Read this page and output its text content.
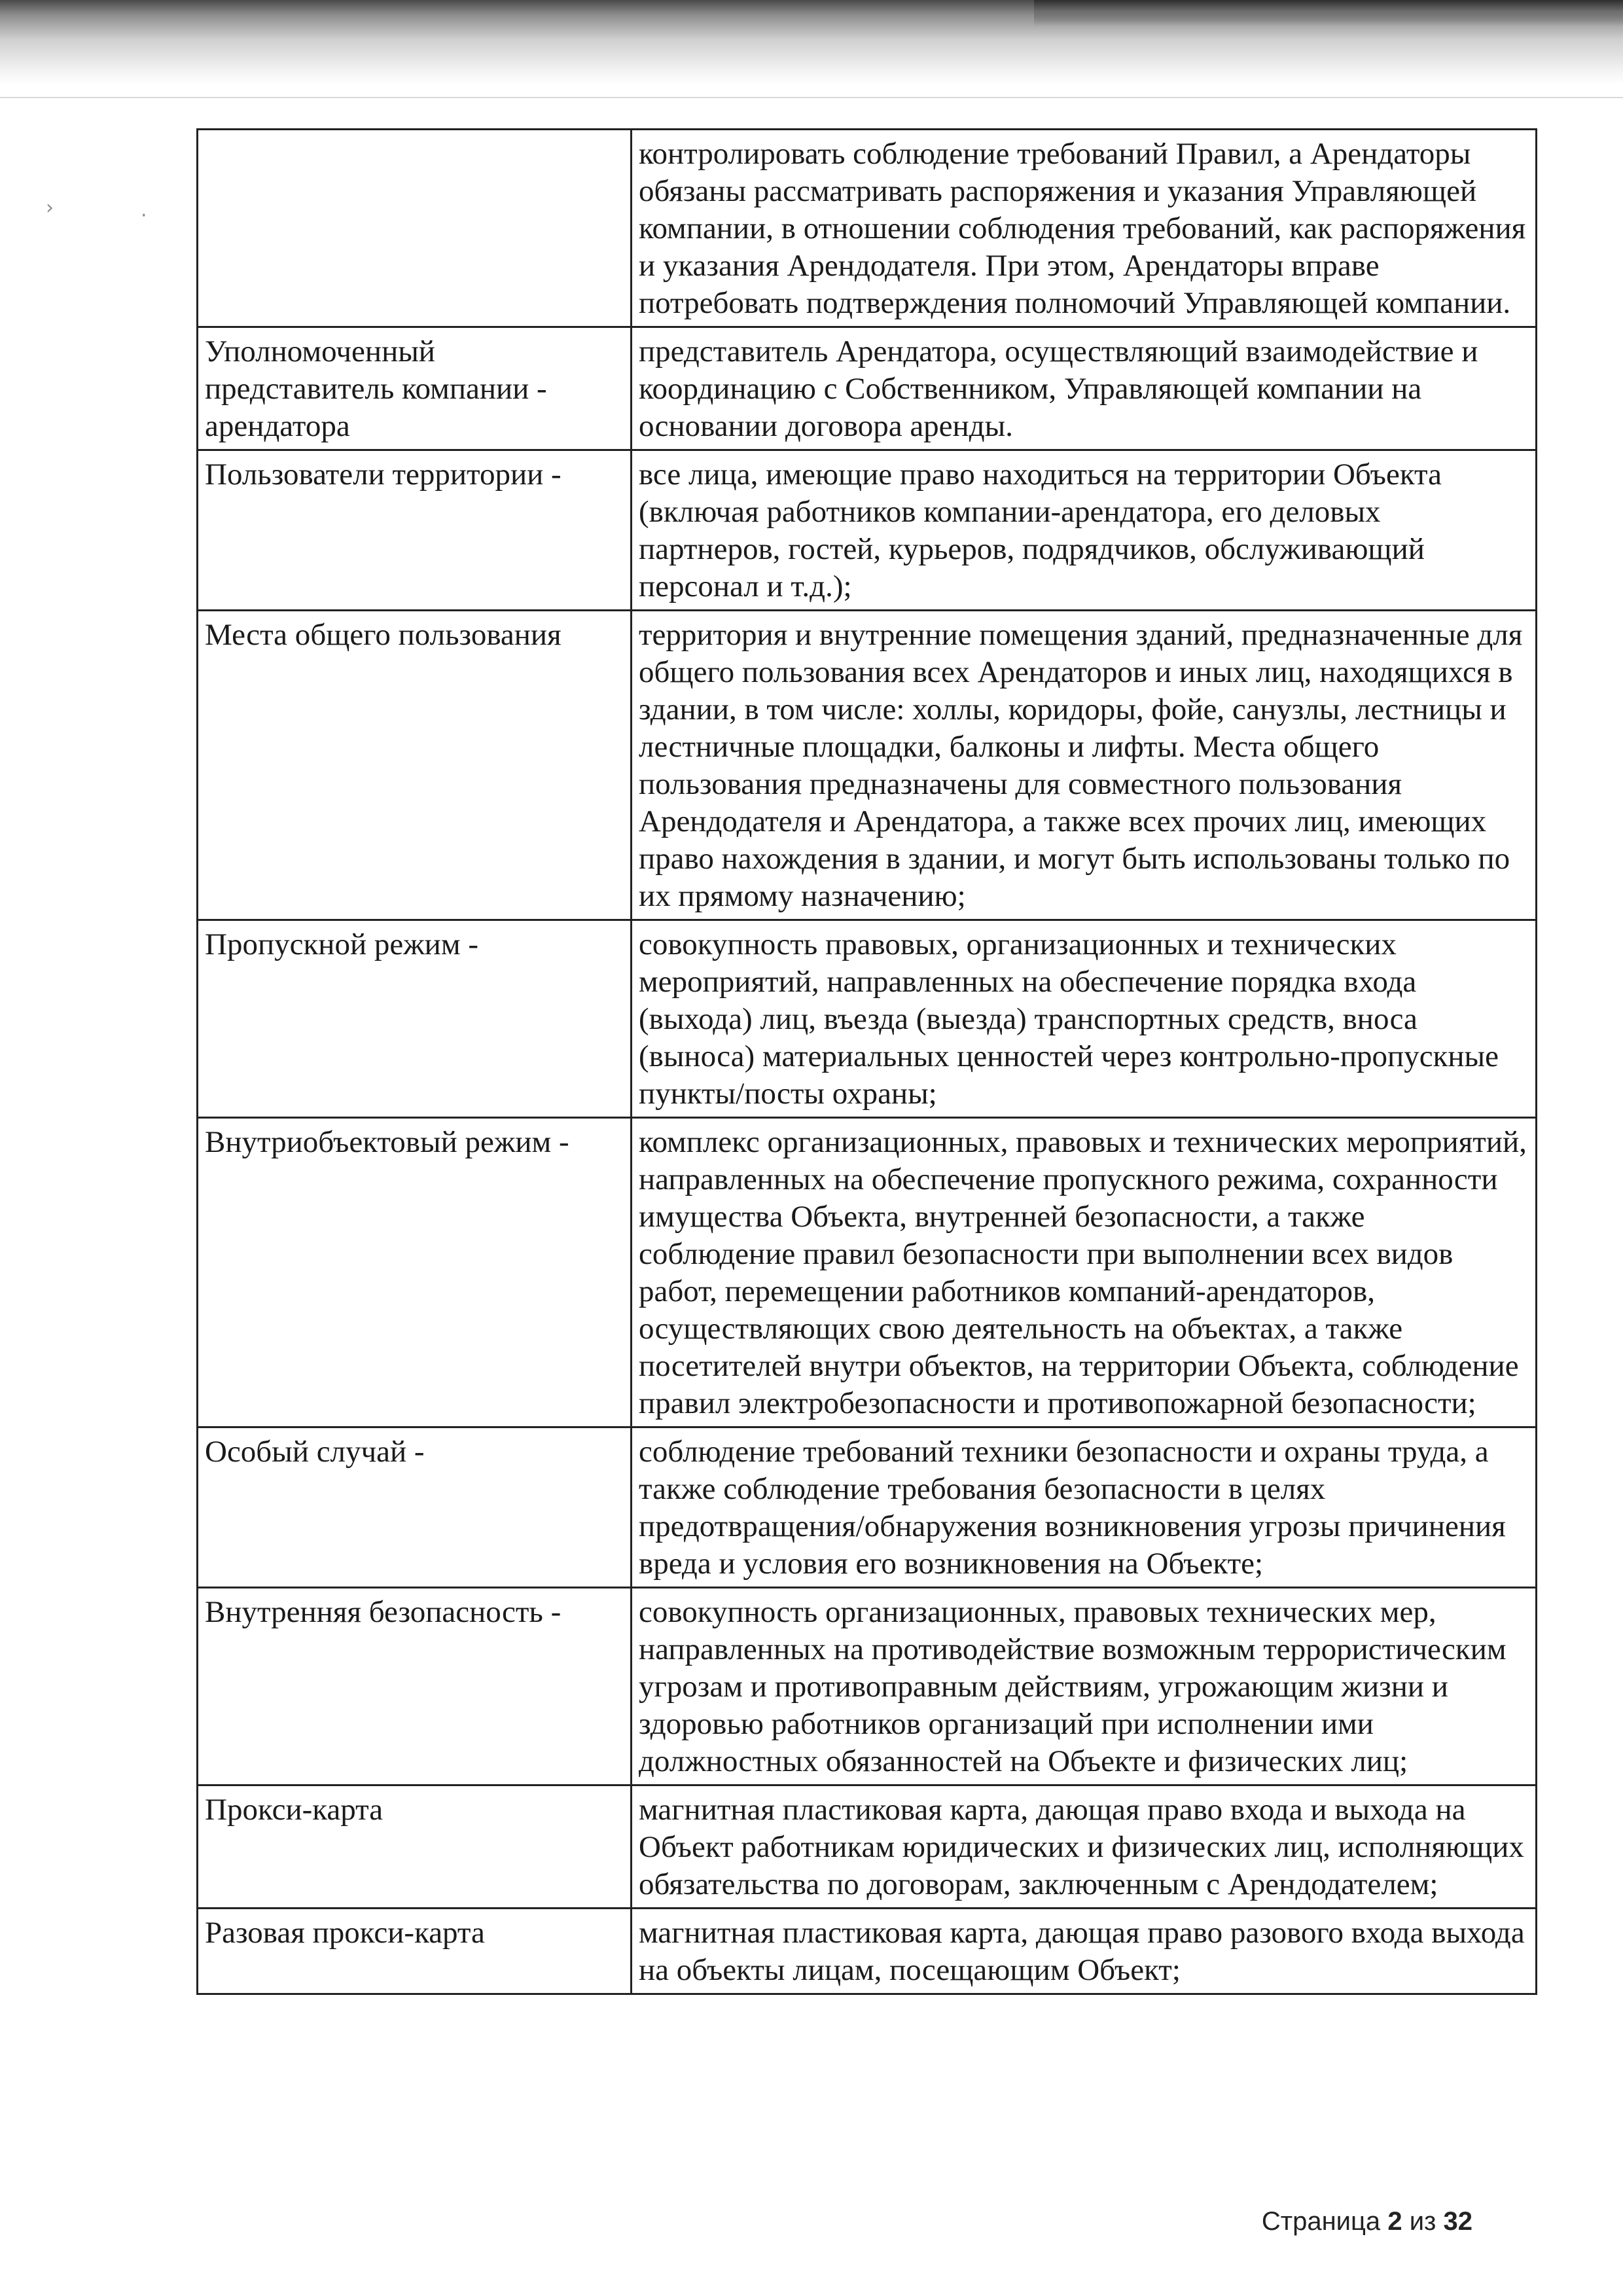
›	·
	контролировать соблюдение требований Правил, а Арендаторы обязаны рассматривать распоряжения и указания Управляющей компании, в отношении соблюдения требований, как распоряжения и указания Арендодателя. При этом, Арендаторы вправе потребовать подтверждения полномочий Управляющей компании.
Уполномоченный представитель компании - арендатора	представитель Арендатора, осуществляющий взаимодействие и координацию с Собственником, Управляющей компании на основании договора аренды.
Пользователи территории -	все лица, имеющие право находиться на территории Объекта (включая работников компании-арендатора, его деловых партнеров, гостей, курьеров, подрядчиков, обслуживающий персонал и т.д.);
Места общего пользования	территория и внутренние помещения зданий, предназначенные для общего пользования всех Арендаторов и иных лиц, находящихся в здании, в том числе: холлы, коридоры, фойе, санузлы, лестницы и лестничные площадки, балконы и лифты. Места общего пользования предназначены для совместного пользования Арендодателя и Арендатора, а также всех прочих лиц, имеющих право нахождения в здании, и могут быть использованы только по их прямому назначению;
Пропускной режим -	совокупность правовых, организационных и технических мероприятий, направленных на обеспечение порядка входа (выхода) лиц, въезда (выезда) транспортных средств, вноса (выноса) материальных ценностей через контрольно-пропускные пункты/посты охраны;
Внутриобъектовый режим -	комплекс организационных, правовых и технических мероприятий, направленных на обеспечение пропускного режима, сохранности имущества Объекта, внутренней безопасности, а также соблюдение правил безопасности при выполнении всех видов работ, перемещении работников компаний-арендаторов, осуществляющих свою деятельность на объектах, а также посетителей внутри объектов, на территории Объекта, соблюдение правил электробезопасности и противопожарной безопасности;
Особый случай -	соблюдение требований техники безопасности и охраны труда, а также соблюдение требования безопасности в целях предотвращения/обнаружения возникновения угрозы причинения вреда и условия его возникновения на Объекте;
Внутренняя безопасность -	совокупность организационных, правовых технических мер, направленных на противодействие возможным террористическим угрозам и противоправным действиям, угрожающим жизни и здоровью работников организаций при исполнении ими должностных обязанностей на Объекте и физических лиц;
Прокси-карта	магнитная пластиковая карта, дающая право входа и выхода на Объект работникам юридических и физических лиц, исполняющих обязательства по договорам, заключенным с Арендодателем;
Разовая прокси-карта	магнитная пластиковая карта, дающая право разового входа выхода на объекты лицам, посещающим Объект;
Страница 2 из 32
